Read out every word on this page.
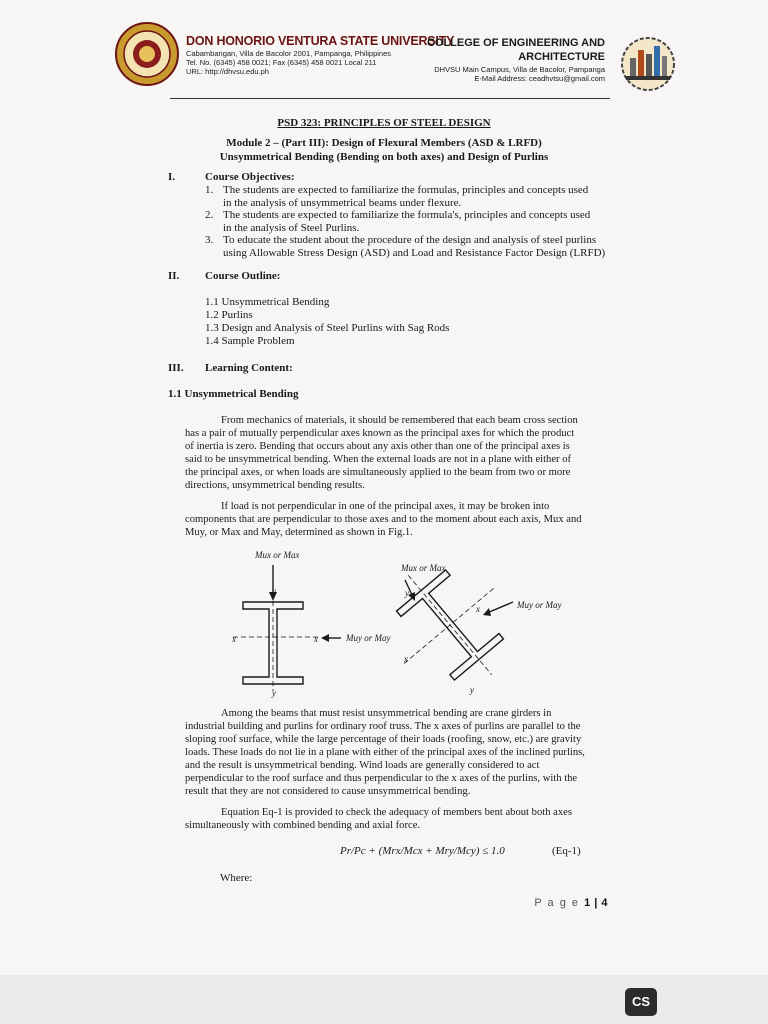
DON HONORIO VENTURA STATE UNIVERSITY
Cabambangan, Villa de Bacolor 2001, Pampanga, Philippines
Tel. No. (6345) 458 0021; Fax (6345) 458 0021 Local 211
URL: http://dhvsu.edu.ph
COLLEGE OF ENGINEERING AND
ARCHITECTURE
DHVSU Main Campus, Villa de Bacolor, Pampanga
E-Mail Address: ceadhvtsu@gmail.com
PSD 323: PRINCIPLES OF STEEL DESIGN
Module 2 – (Part III): Design of Flexural Members (ASD & LRFD)
Unsymmetrical Bending (Bending on both axes) and Design of Purlins
I.	Course Objectives:
1. The students are expected to familiarize the formulas, principles and concepts used
in the analysis of unsymmetrical beams under flexure.
2. The students are expected to familiarize the formula's, principles and concepts used
in the analysis of Steel Purlins.
3. To educate the student about the procedure of the design and analysis of steel purlins
using Allowable Stress Design (ASD) and Load and Resistance Factor Design (LRFD)
II. Course Outline:
1.1 Unsymmetrical Bending
1.2 Purlins
1.3 Design and Analysis of Steel Purlins with Sag Rods
1.4 Sample Problem
III. Learning Content:
1.1 Unsymmetrical Bending

From mechanics of materials, it should be remembered that each beam cross section

has a pair of mutually perpendicular axes known as the principal axes for which the product

of inertia is zero. Bending that occurs about any axis other than one of the principal axes is

said to be unsymmetrical bending. When the external loads are not in a plane with either of

the principal axes, or when loads are simultaneously applied to the beam from two or more

directions, unsymmetrical bending results.

If load is not perpendicular in one of the principal axes, it may be broken into

components that are perpendicular to those axes and to the moment about each axis, Mux and

Muy, or Max and May, determined as shown in Fig.1.

Mux or Max
Muy or May
Mux or Max
Muy or May
x	x
y
y
x
x
y
y

Among the beams that must resist unsymmetrical bending are crane girders in

industrial building and purlins for ordinary roof truss. The x axes of purlins are parallel to the

sloping roof surface, while the large percentage of their loads (roofing, snow, etc.) are gravity

loads. These loads do not lie in a plane with either of the principal axes of the inclined purlins,

and the result is unsymmetrical bending. Wind loads are generally considered to act

perpendicular to the roof surface and thus perpendicular to the x axes of the purlins, with the

result that they are not considered to cause unsymmetrical bending.

Equation Eq-1 is provided to check the adequacy of members bent about both axes

simultaneously with combined bending and axial force.

Pr/Pc + (Mrx/Mcx + Mry/Mcy) ≤ 1.0	(Eq-1)
Where:
P a g e 1 | 4
CS
